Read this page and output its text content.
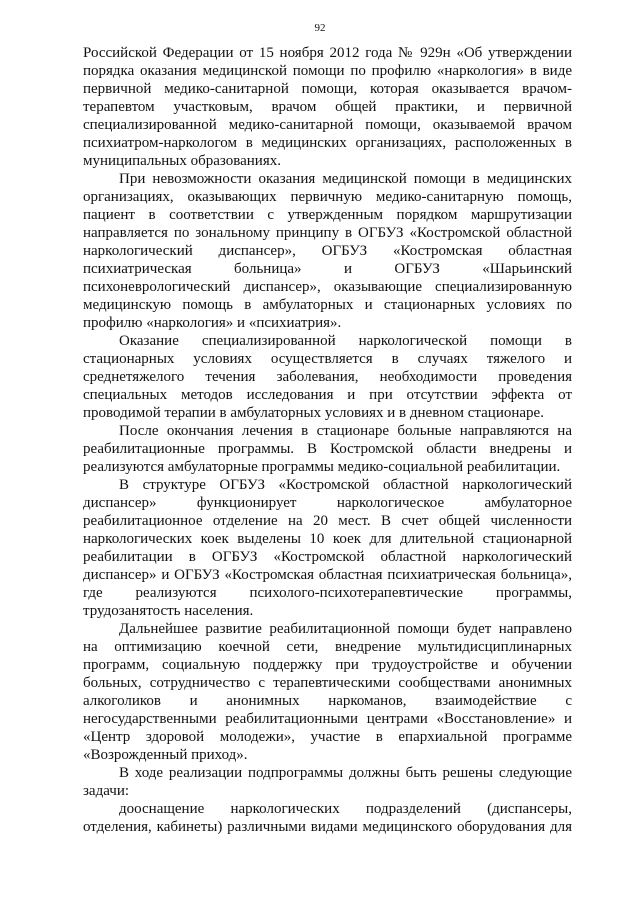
92
Российской Федерации от 15 ноября 2012 года № 929н «Об утверждении
порядка оказания медицинской помощи по профилю «наркология» в виде
первичной медико-санитарной помощи, которая оказывается врачом-
терапевтом участковым, врачом общей практики, и первичной
специализированной медико-санитарной помощи, оказываемой врачом
психиатром-наркологом в медицинских организациях, расположенных в
муниципальных образованиях.
При невозможности оказания медицинской помощи в медицинских
организациях, оказывающих первичную медико-санитарную помощь,
пациент в соответствии с утвержденным порядком маршрутизации
направляется по зональному принципу в ОГБУЗ «Костромской областной
наркологический диспансер», ОГБУЗ «Костромская областная
психиатрическая больница» и ОГБУЗ «Шарьинский
психоневрологический диспансер», оказывающие специализированную
медицинскую помощь в амбулаторных и стационарных условиях по
профилю «наркология» и «психиатрия».
Оказание специализированной наркологической помощи в
стационарных условиях осуществляется в случаях тяжелого и
среднетяжелого течения заболевания, необходимости проведения
специальных методов исследования и при отсутствии эффекта от
проводимой терапии в амбулаторных условиях и в дневном стационаре.
После окончания лечения в стационаре больные направляются на
реабилитационные программы. В Костромской области внедрены и
реализуются амбулаторные программы медико-социальной реабилитации.
В структуре ОГБУЗ «Костромской областной наркологический
диспансер» функционирует наркологическое амбулаторное
реабилитационное отделение на 20 мест. В счет общей численности
наркологических коек выделены 10 коек для длительной стационарной
реабилитации в ОГБУЗ «Костромской областной наркологический
диспансер» и ОГБУЗ «Костромская областная психиатрическая больница»,
где реализуются психолого-психотерапевтические программы,
трудозанятость населения.
Дальнейшее развитие реабилитационной помощи будет направлено
на оптимизацию коечной сети, внедрение мультидисциплинарных
программ, социальную поддержку при трудоустройстве и обучении
больных, сотрудничество с терапевтическими сообществами анонимных
алкоголиков и анонимных наркоманов, взаимодействие с
негосударственными реабилитационными центрами «Восстановление» и
«Центр здоровой молодежи», участие в епархиальной программе
«Возрожденный приход».
В ходе реализации подпрограммы должны быть решены следующие
задачи:
дооснащение наркологических подразделений (диспансеры,
отделения, кабинеты) различными видами медицинского оборудования для
